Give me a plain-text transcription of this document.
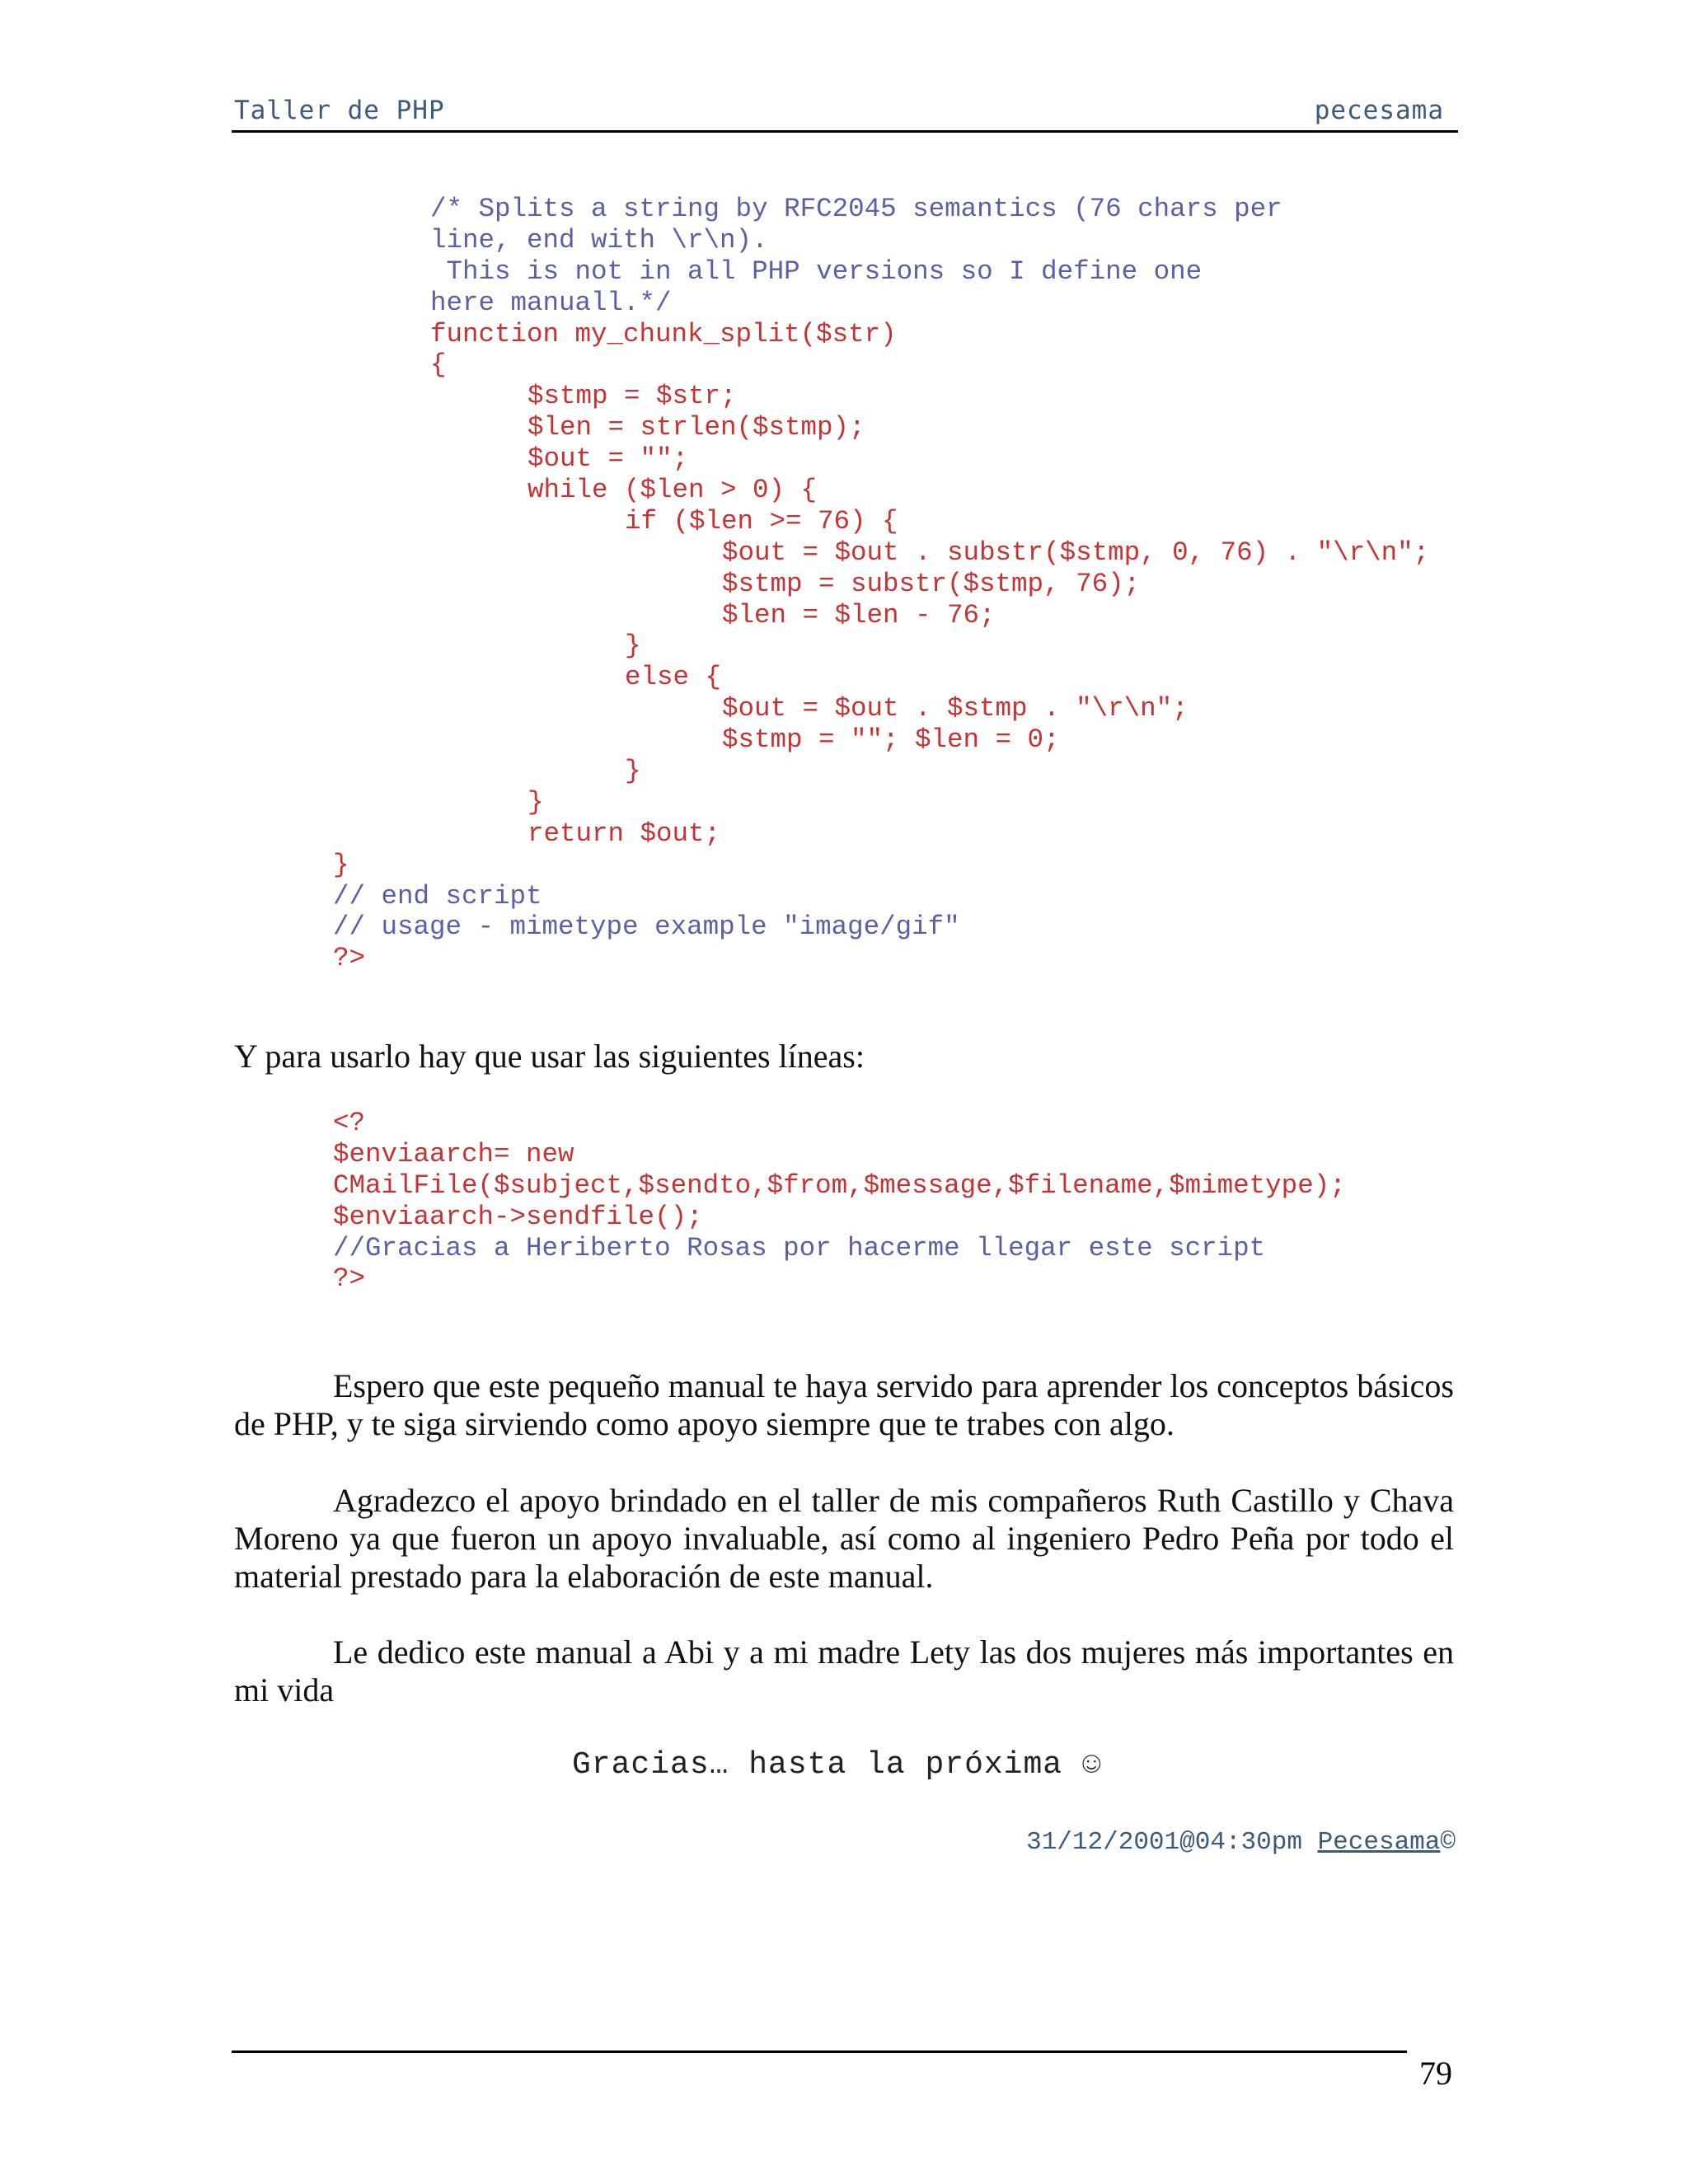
Taller de PHP	pecesama
/* Splits a string by RFC2045 semantics (76 chars per
line, end with \r\n).
This is not in all PHP versions so I define one
here manuall.*/
function my_chunk_split($str)
{
$stmp = $str;
$len = strlen($stmp);
$out = "";
while ($len > 0) {
if ($len >= 76) {
$out = $out . substr($stmp, 0, 76) . "\r\n";
$stmp = substr($stmp, 76);
$len = $len - 76;
}
else {
$out = $out . $stmp . "\r\n";
$stmp = ""; $len = 0;
}
}
return $out;
}
// end script
// usage - mimetype example "image/gif"
?>

Y para usarlo hay que usar las siguientes líneas:

<?
$enviaarch= new
CMailFile($subject,$sendto,$from,$message,$filename,$mimetype);
$enviaarch->sendfile();
//Gracias a Heriberto Rosas por hacerme llegar este script
?>

Espero que este pequeño manual te haya servido para aprender los conceptos básicos de PHP, y te siga sirviendo como apoyo siempre que te trabes con algo.

Agradezco el apoyo brindado en el taller de mis compañeros Ruth Castillo y Chava Moreno ya que fueron un apoyo invaluable, así como al ingeniero Pedro Peña por todo el material prestado para la elaboración de este manual.

Le dedico este manual a Abi y a mi madre Lety las dos mujeres más importantes en mi vida

Gracias… hasta la próxima ☺
31/12/2001@04:30pm Pecesama©
79
